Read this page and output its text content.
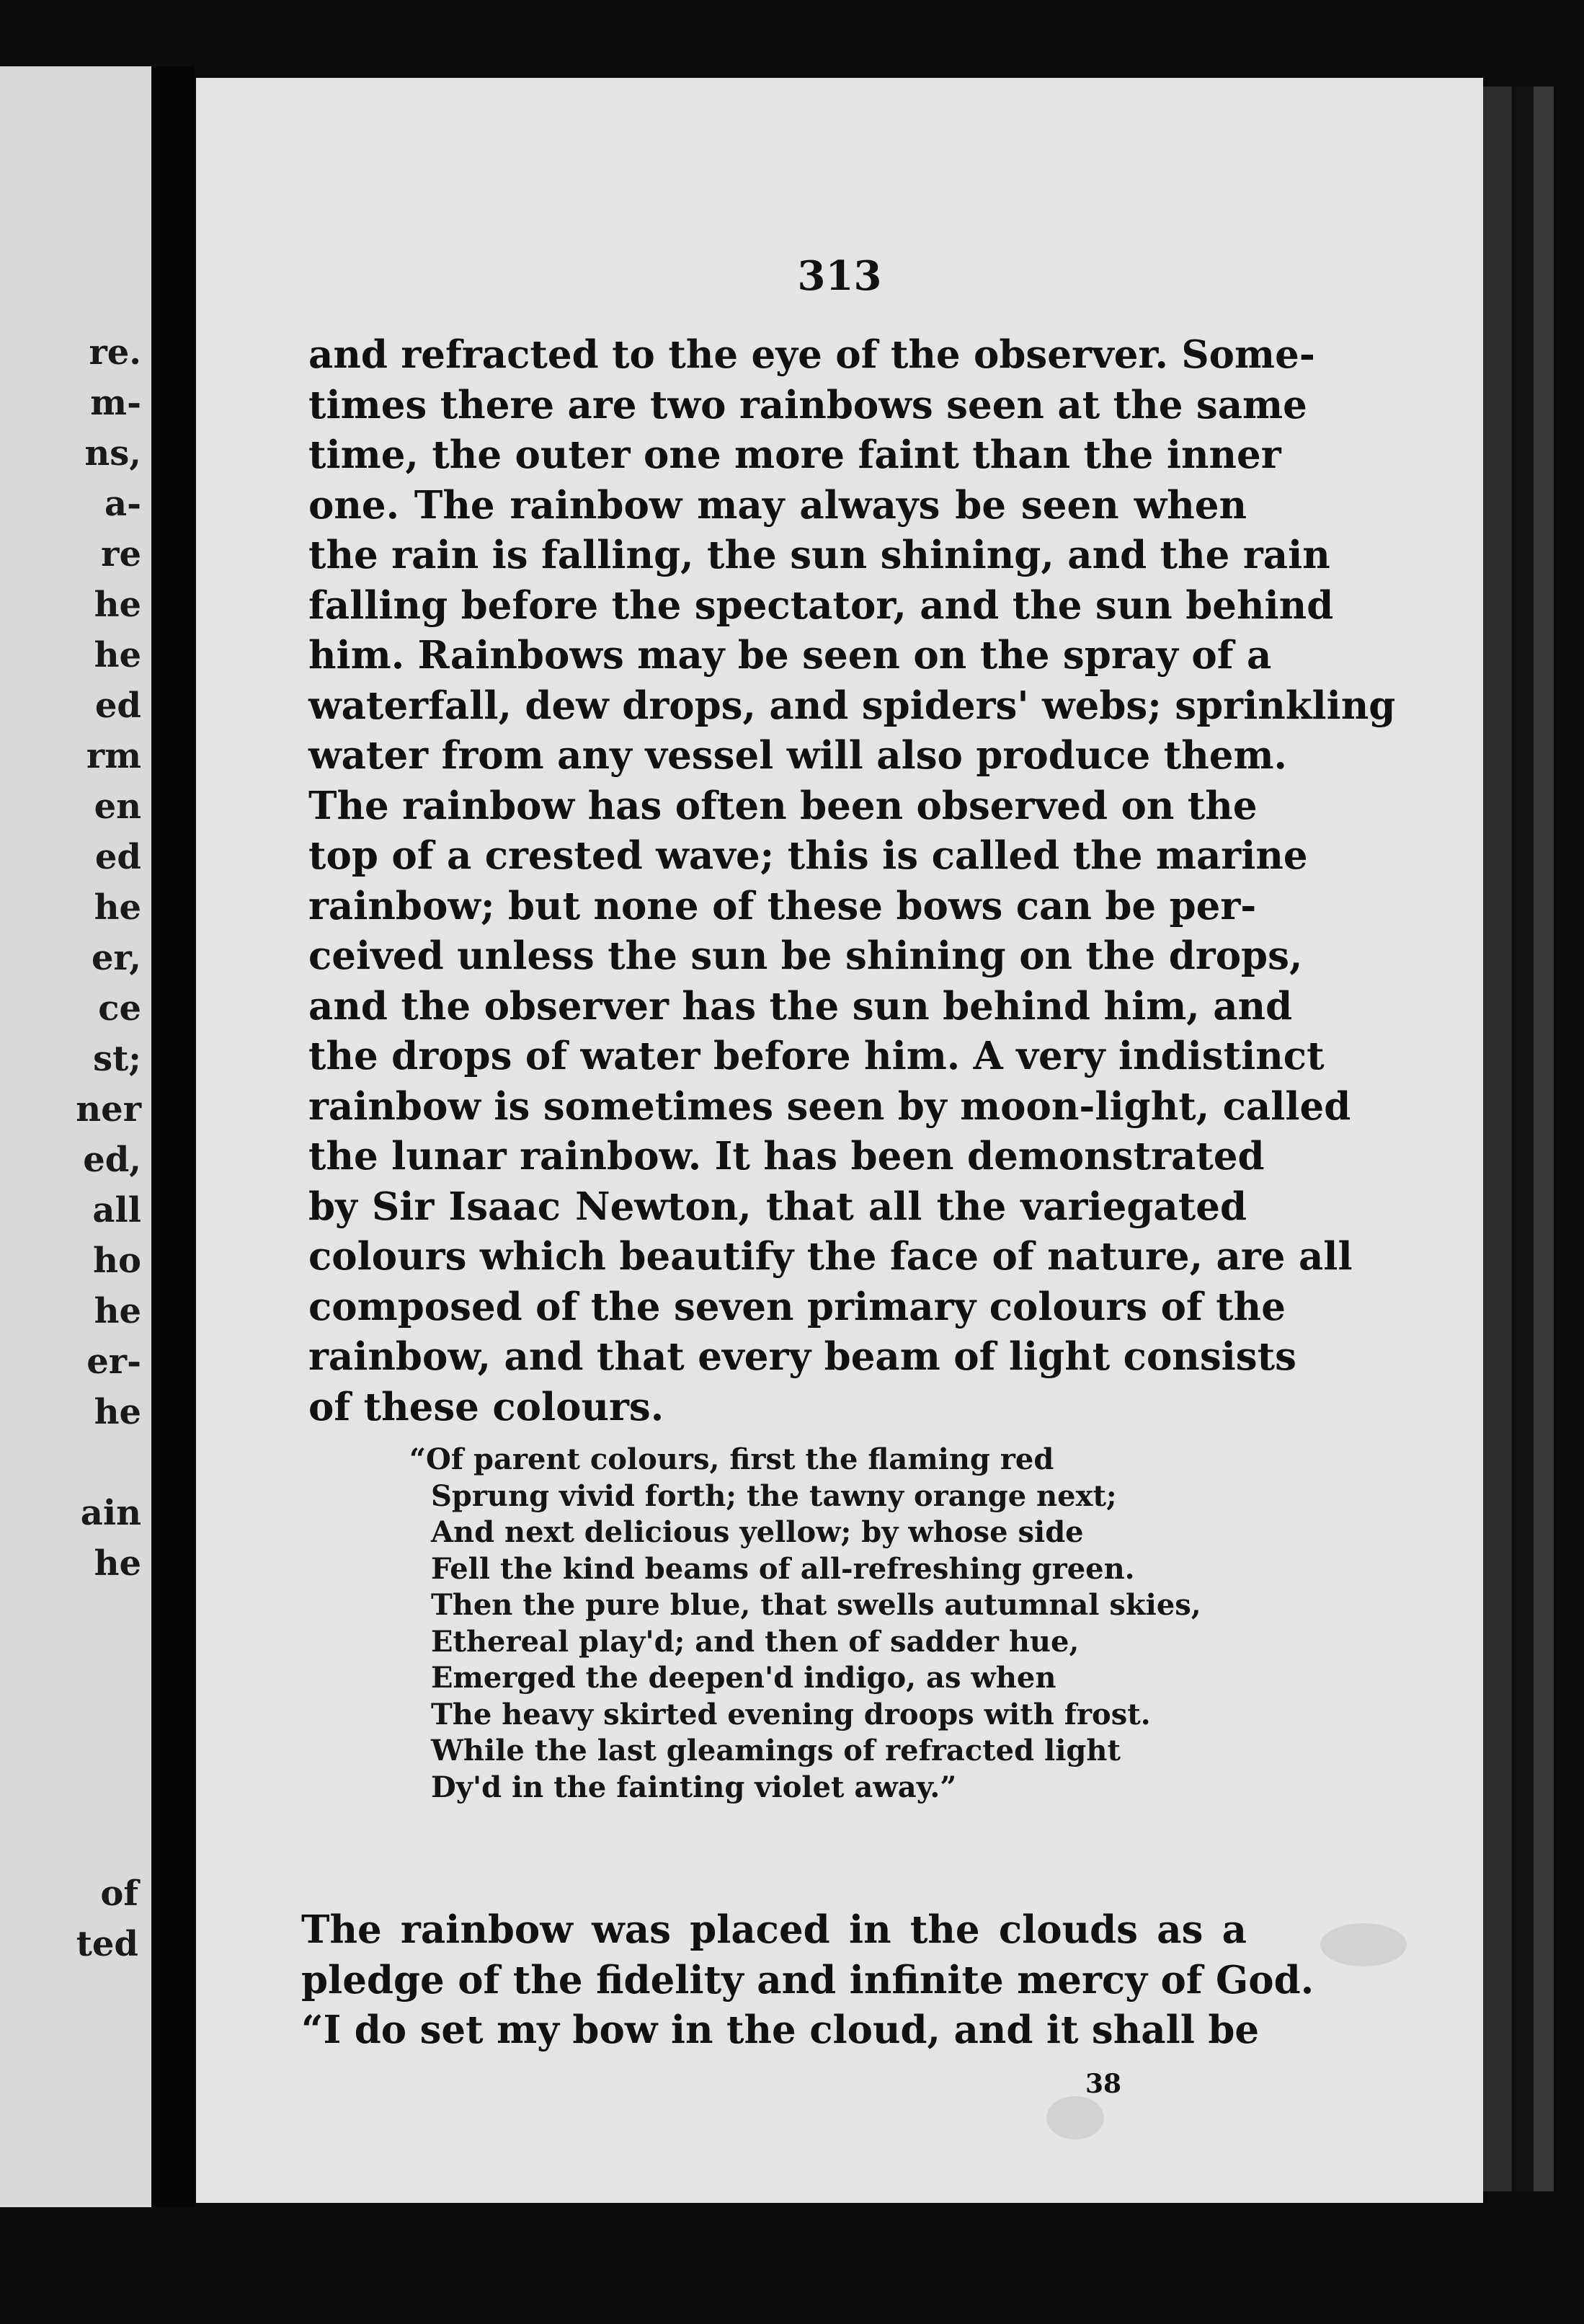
re.
m-
ns,
a-
re
he
he
ed
rm
en
ed
he
er,
ce
st;
ner
ed,
all
ho
he
er-
he

ain
he
of
ted
313
and refracted to the eye of the observer. Some-
times there are two rainbows seen at the same
time, the outer one more faint than the inner
one. The rainbow may always be seen when
the rain is falling, the sun shining, and the rain
falling before the spectator, and the sun behind
him. Rainbows may be seen on the spray of a
waterfall, dew drops, and spiders' webs; sprinkling
water from any vessel will also produce them.
The rainbow has often been observed on the
top of a crested wave; this is called the marine
rainbow; but none of these bows can be per-
ceived unless the sun be shining on the drops,
and the observer has the sun behind him, and
the drops of water before him. A very indistinct
rainbow is sometimes seen by moon-light, called
the lunar rainbow. It has been demonstrated
by Sir Isaac Newton, that all the variegated
colours which beautify the face of nature, are all
composed of the seven primary colours of the
rainbow, and that every beam of light consists
of these colours.
“Of parent colours, first the flaming red
Sprung vivid forth; the tawny orange next;
And next delicious yellow; by whose side
Fell the kind beams of all-refreshing green.
Then the pure blue, that swells autumnal skies,
Ethereal play'd; and then of sadder hue,
Emerged the deepen'd indigo, as when
The heavy skirted evening droops with frost.
While the last gleamings of refracted light
Dy'd in the fainting violet away.”
The rainbow was placed in the clouds as a
pledge of the fidelity and infinite mercy of God.
“I do set my bow in the cloud, and it shall be
38
